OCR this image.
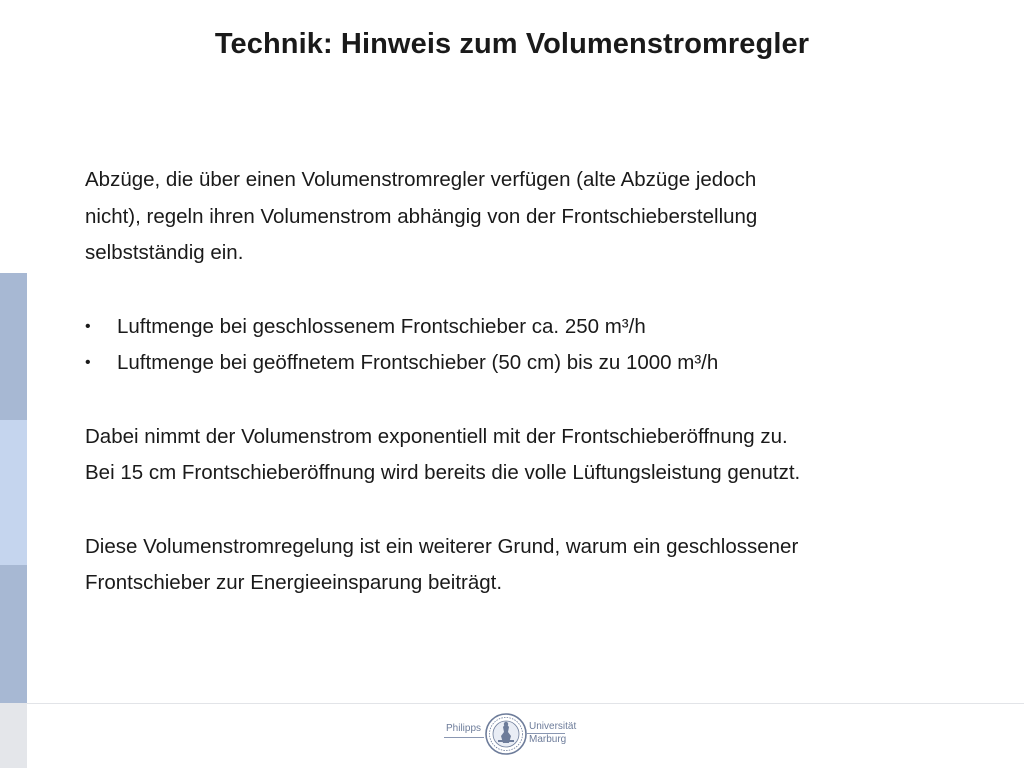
Technik: Hinweis zum Volumenstromregler

Abzüge, die über einen Volumenstromregler verfügen (alte Abzüge jedoch
nicht), regeln ihren Volumenstrom abhängig von der Frontschieberstellung
selbstständig ein.

•	Luftmenge bei geschlossenem Frontschieber ca. 250 m³/h
•	Luftmenge bei geöffnetem Frontschieber (50 cm) bis zu 1000 m³/h

Dabei nimmt der Volumenstrom exponentiell mit der Frontschieberöffnung zu.
Bei 15 cm Frontschieberöffnung wird bereits die volle Lüftungsleistung genutzt.

Diese Volumenstromregelung ist ein weiterer Grund, warum ein geschlossener
Frontschieber zur Energieeinsparung beiträgt.

Philipps	Universität
Marburg
